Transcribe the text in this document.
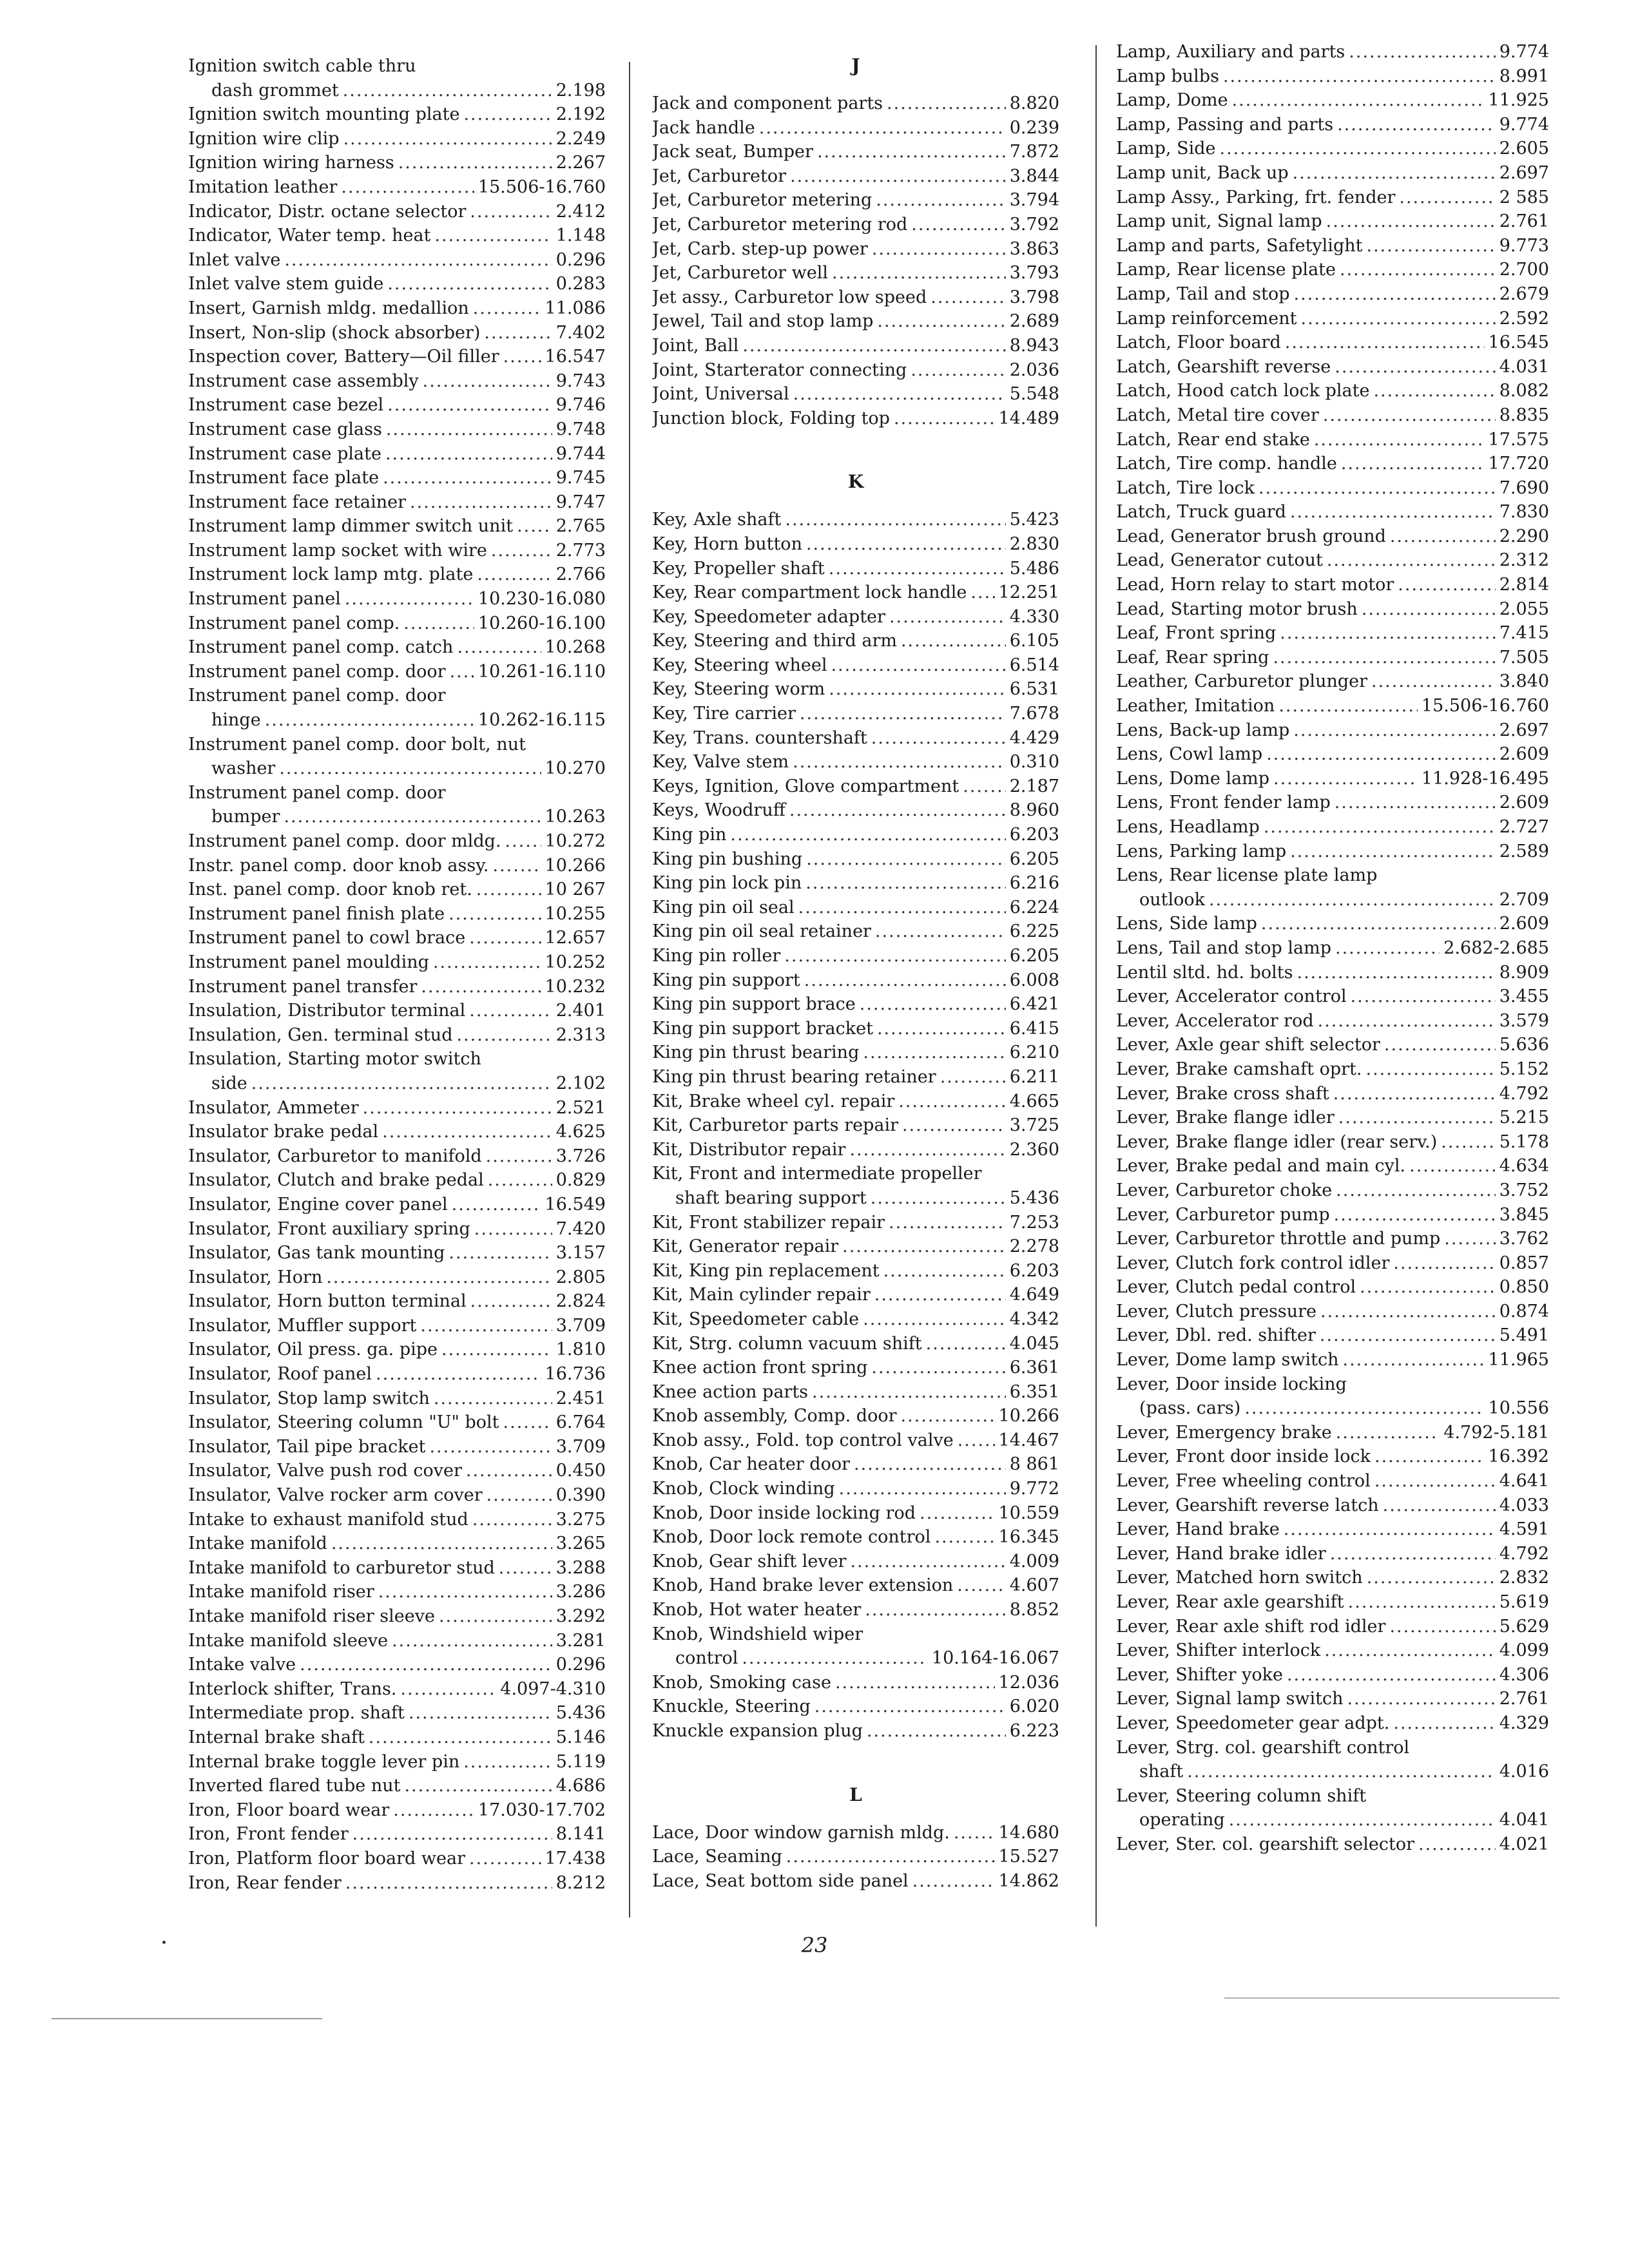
Ignition switch cable thru
dash grommet .....	2.198
Ignition switch mounting plate .....	2.192
Ignition wire clip .....	2.249
Ignition wiring harness .....	2.267
Imitation leather .....	15.506-16.760
Indicator, Distr. octane selector .....	2.412
Indicator, Water temp. heat .....	1.148
Inlet valve .....	0.296
Inlet valve stem guide .....	0.283
Insert, Garnish mldg. medallion .....	11.086
Insert, Non-slip (shock absorber) .....	7.402
Inspection cover, Battery—Oil filler .....	16.547
Instrument case assembly .....	9.743
Instrument case bezel .....	9.746
Instrument case glass .....	9.748
Instrument case plate .....	9.744
Instrument face plate .....	9.745
Instrument face retainer .....	9.747
Instrument lamp dimmer switch unit ..... 2.765
Instrument lamp socket with wire .....	2.773
Instrument lock lamp mtg. plate .....	2.766
Instrument panel .....	10.230-16.080
Instrument panel comp. .....	10.260-16.100
Instrument panel comp. catch .....	10.268
Instrument panel comp. door ..... 10.261-16.110
Instrument panel comp. door
hinge .....	10.262-16.115
Instrument panel comp. door bolt, nut
washer .....	10.270
Instrument panel comp. door
bumper .....	10.263
Instrument panel comp. door mldg. .....	10.272
Instr. panel comp. door knob assy. .....	10.266
Inst. panel comp. door knob ret. .....	10 267
Instrument panel finish plate .....	10.255
Instrument panel to cowl brace .....	12.657
Instrument panel moulding .....	10.252
Instrument panel transfer .....	10.232
Insulation, Distributor terminal .....	2.401
Insulation, Gen. terminal stud .....	2.313
Insulation, Starting motor switch
side .....	2.102
Insulator, Ammeter .....	2.521
Insulator brake pedal .....	4.625
Insulator, Carburetor to manifold .....	3.726
Insulator, Clutch and brake pedal .....	0.829
Insulator, Engine cover panel .....	16.549
Insulator, Front auxiliary spring .....	7.420
Insulator, Gas tank mounting .....	3.157
Insulator, Horn .....	2.805
Insulator, Horn button terminal .....	2.824
Insulator, Muffler support .....	3.709
Insulator, Oil press. ga. pipe .....	1.810
Insulator, Roof panel .....	16.736
Insulator, Stop lamp switch .....	2.451
Insulator, Steering column "U" bolt .....	6.764
Insulator, Tail pipe bracket .....	3.709
Insulator, Valve push rod cover .....	0.450
Insulator, Valve rocker arm cover .....	0.390
Intake to exhaust manifold stud .....	3.275
Intake manifold .....	3.265
Intake manifold to carburetor stud .....	3.288
Intake manifold riser .....	3.286
Intake manifold riser sleeve .....	3.292
Intake manifold sleeve .....	3.281
Intake valve .....	0.296
Interlock shifter, Trans. .....	4.097-4.310
Intermediate prop. shaft .....	5.436
Internal brake shaft .....	5.146
Internal brake toggle lever pin .....	5.119
Inverted flared tube nut .....	4.686
Iron, Floor board wear .....	17.030-17.702
Iron, Front fender .....	8.141
Iron, Platform floor board wear .....	17.438
Iron, Rear fender .....	8.212
J
Jack and component parts .....	8.820
Jack handle .....	0.239
Jack seat, Bumper .....	7.872
Jet, Carburetor .....	3.844
Jet, Carburetor metering .....	3.794
Jet, Carburetor metering rod .....	3.792
Jet, Carb. step-up power .....	3.863
Jet, Carburetor well .....	3.793
Jet assy., Carburetor low speed .....	3.798
Jewel, Tail and stop lamp .....	2.689
Joint, Ball .....	8.943
Joint, Starterator connecting .....	2.036
Joint, Universal .....	5.548
Junction block, Folding top .....	14.489
K
Key, Axle shaft .....	5.423
Key, Horn button .....	2.830
Key, Propeller shaft .....	5.486
Key, Rear compartment lock handle ..... 12.251
Key, Speedometer adapter .....	4.330
Key, Steering and third arm .....	6.105
Key, Steering wheel .....	6.514
Key, Steering worm .....	6.531
Key, Tire carrier .....	7.678
Key, Trans. countershaft .....	4.429
Key, Valve stem .....	0.310
Keys, Ignition, Glove compartment .....	2.187
Keys, Woodruff .....	8.960
King pin .....	6.203
King pin bushing .....	6.205
King pin lock pin .....	6.216
King pin oil seal .....	6.224
King pin oil seal retainer .....	6.225
King pin roller .....	6.205
King pin support .....	6.008
King pin support brace .....	6.421
King pin support bracket .....	6.415
King pin thrust bearing .....	6.210
King pin thrust bearing retainer .....	6.211
Kit, Brake wheel cyl. repair .....	4.665
Kit, Carburetor parts repair .....	3.725
Kit, Distributor repair .....	2.360
Kit, Front and intermediate propeller
shaft bearing support .....	5.436
Kit, Front stabilizer repair .....	7.253
Kit, Generator repair .....	2.278
Kit, King pin replacement .....	6.203
Kit, Main cylinder repair .....	4.649
Kit, Speedometer cable .....	4.342
Kit, Strg. column vacuum shift .....	4.045
Knee action front spring .....	6.361
Knee action parts .....	6.351
Knob assembly, Comp. door .....	10.266
Knob assy., Fold. top control valve .....	14.467
Knob, Car heater door .....	8 861
Knob, Clock winding .....	9.772
Knob, Door inside locking rod .....	10.559
Knob, Door lock remote control .....	16.345
Knob, Gear shift lever .....	4.009
Knob, Hand brake lever extension .....	4.607
Knob, Hot water heater .....	8.852
Knob, Windshield wiper
control .....	10.164-16.067
Knob, Smoking case .....	12.036
Knuckle, Steering .....	6.020
Knuckle expansion plug .....	6.223
L
Lace, Door window garnish mldg. .....	14.680
Lace, Seaming .....	15.527
Lace, Seat bottom side panel .....	14.862
Lamp, Auxiliary and parts .....	9.774
Lamp bulbs .....	8.991
Lamp, Dome .....	11.925
Lamp, Passing and parts .....	9.774
Lamp, Side .....	2.605
Lamp unit, Back up .....	2.697
Lamp Assy., Parking, frt. fender .....	2 585
Lamp unit, Signal lamp .....	2.761
Lamp and parts, Safetylight .....	9.773
Lamp, Rear license plate .....	2.700
Lamp, Tail and stop .....	2.679
Lamp reinforcement .....	2.592
Latch, Floor board .....	16.545
Latch, Gearshift reverse .....	4.031
Latch, Hood catch lock plate .....	8.082
Latch, Metal tire cover .....	8.835
Latch, Rear end stake .....	17.575
Latch, Tire comp. handle .....	17.720
Latch, Tire lock .....	7.690
Latch, Truck guard .....	7.830
Lead, Generator brush ground .....	2.290
Lead, Generator cutout .....	2.312
Lead, Horn relay to start motor .....	2.814
Lead, Starting motor brush .....	2.055
Leaf, Front spring .....	7.415
Leaf, Rear spring .....	7.505
Leather, Carburetor plunger .....	3.840
Leather, Imitation .....	15.506-16.760
Lens, Back-up lamp .....	2.697
Lens, Cowl lamp .....	2.609
Lens, Dome lamp .....	11.928-16.495
Lens, Front fender lamp .....	2.609
Lens, Headlamp .....	2.727
Lens, Parking lamp .....	2.589
Lens, Rear license plate lamp
outlook .....	2.709
Lens, Side lamp .....	2.609
Lens, Tail and stop lamp .....	2.682-2.685
Lentil sltd. hd. bolts .....	8.909
Lever, Accelerator control .....	3.455
Lever, Accelerator rod .....	3.579
Lever, Axle gear shift selector .....	5.636
Lever, Brake camshaft oprt. .....	5.152
Lever, Brake cross shaft .....	4.792
Lever, Brake flange idler .....	5.215
Lever, Brake flange idler (rear serv.) .....	5.178
Lever, Brake pedal and main cyl. .....	4.634
Lever, Carburetor choke .....	3.752
Lever, Carburetor pump .....	3.845
Lever, Carburetor throttle and pump .....	3.762
Lever, Clutch fork control idler .....	0.857
Lever, Clutch pedal control .....	0.850
Lever, Clutch pressure .....	0.874
Lever, Dbl. red. shifter .....	5.491
Lever, Dome lamp switch .....	11.965
Lever, Door inside locking
(pass. cars) .....	10.556
Lever, Emergency brake .....	4.792-5.181
Lever, Front door inside lock .....	16.392
Lever, Free wheeling control .....	4.641
Lever, Gearshift reverse latch .....	4.033
Lever, Hand brake .....	4.591
Lever, Hand brake idler .....	4.792
Lever, Matched horn switch .....	2.832
Lever, Rear axle gearshift .....	5.619
Lever, Rear axle shift rod idler .....	5.629
Lever, Shifter interlock .....	4.099
Lever, Shifter yoke .....	4.306
Lever, Signal lamp switch .....	2.761
Lever, Speedometer gear adpt. .....	4.329
Lever, Strg. col. gearshift control
shaft .....	4.016
Lever, Steering column shift
operating .....	4.041
Lever, Ster. col. gearshift selector .....	4.021
23
